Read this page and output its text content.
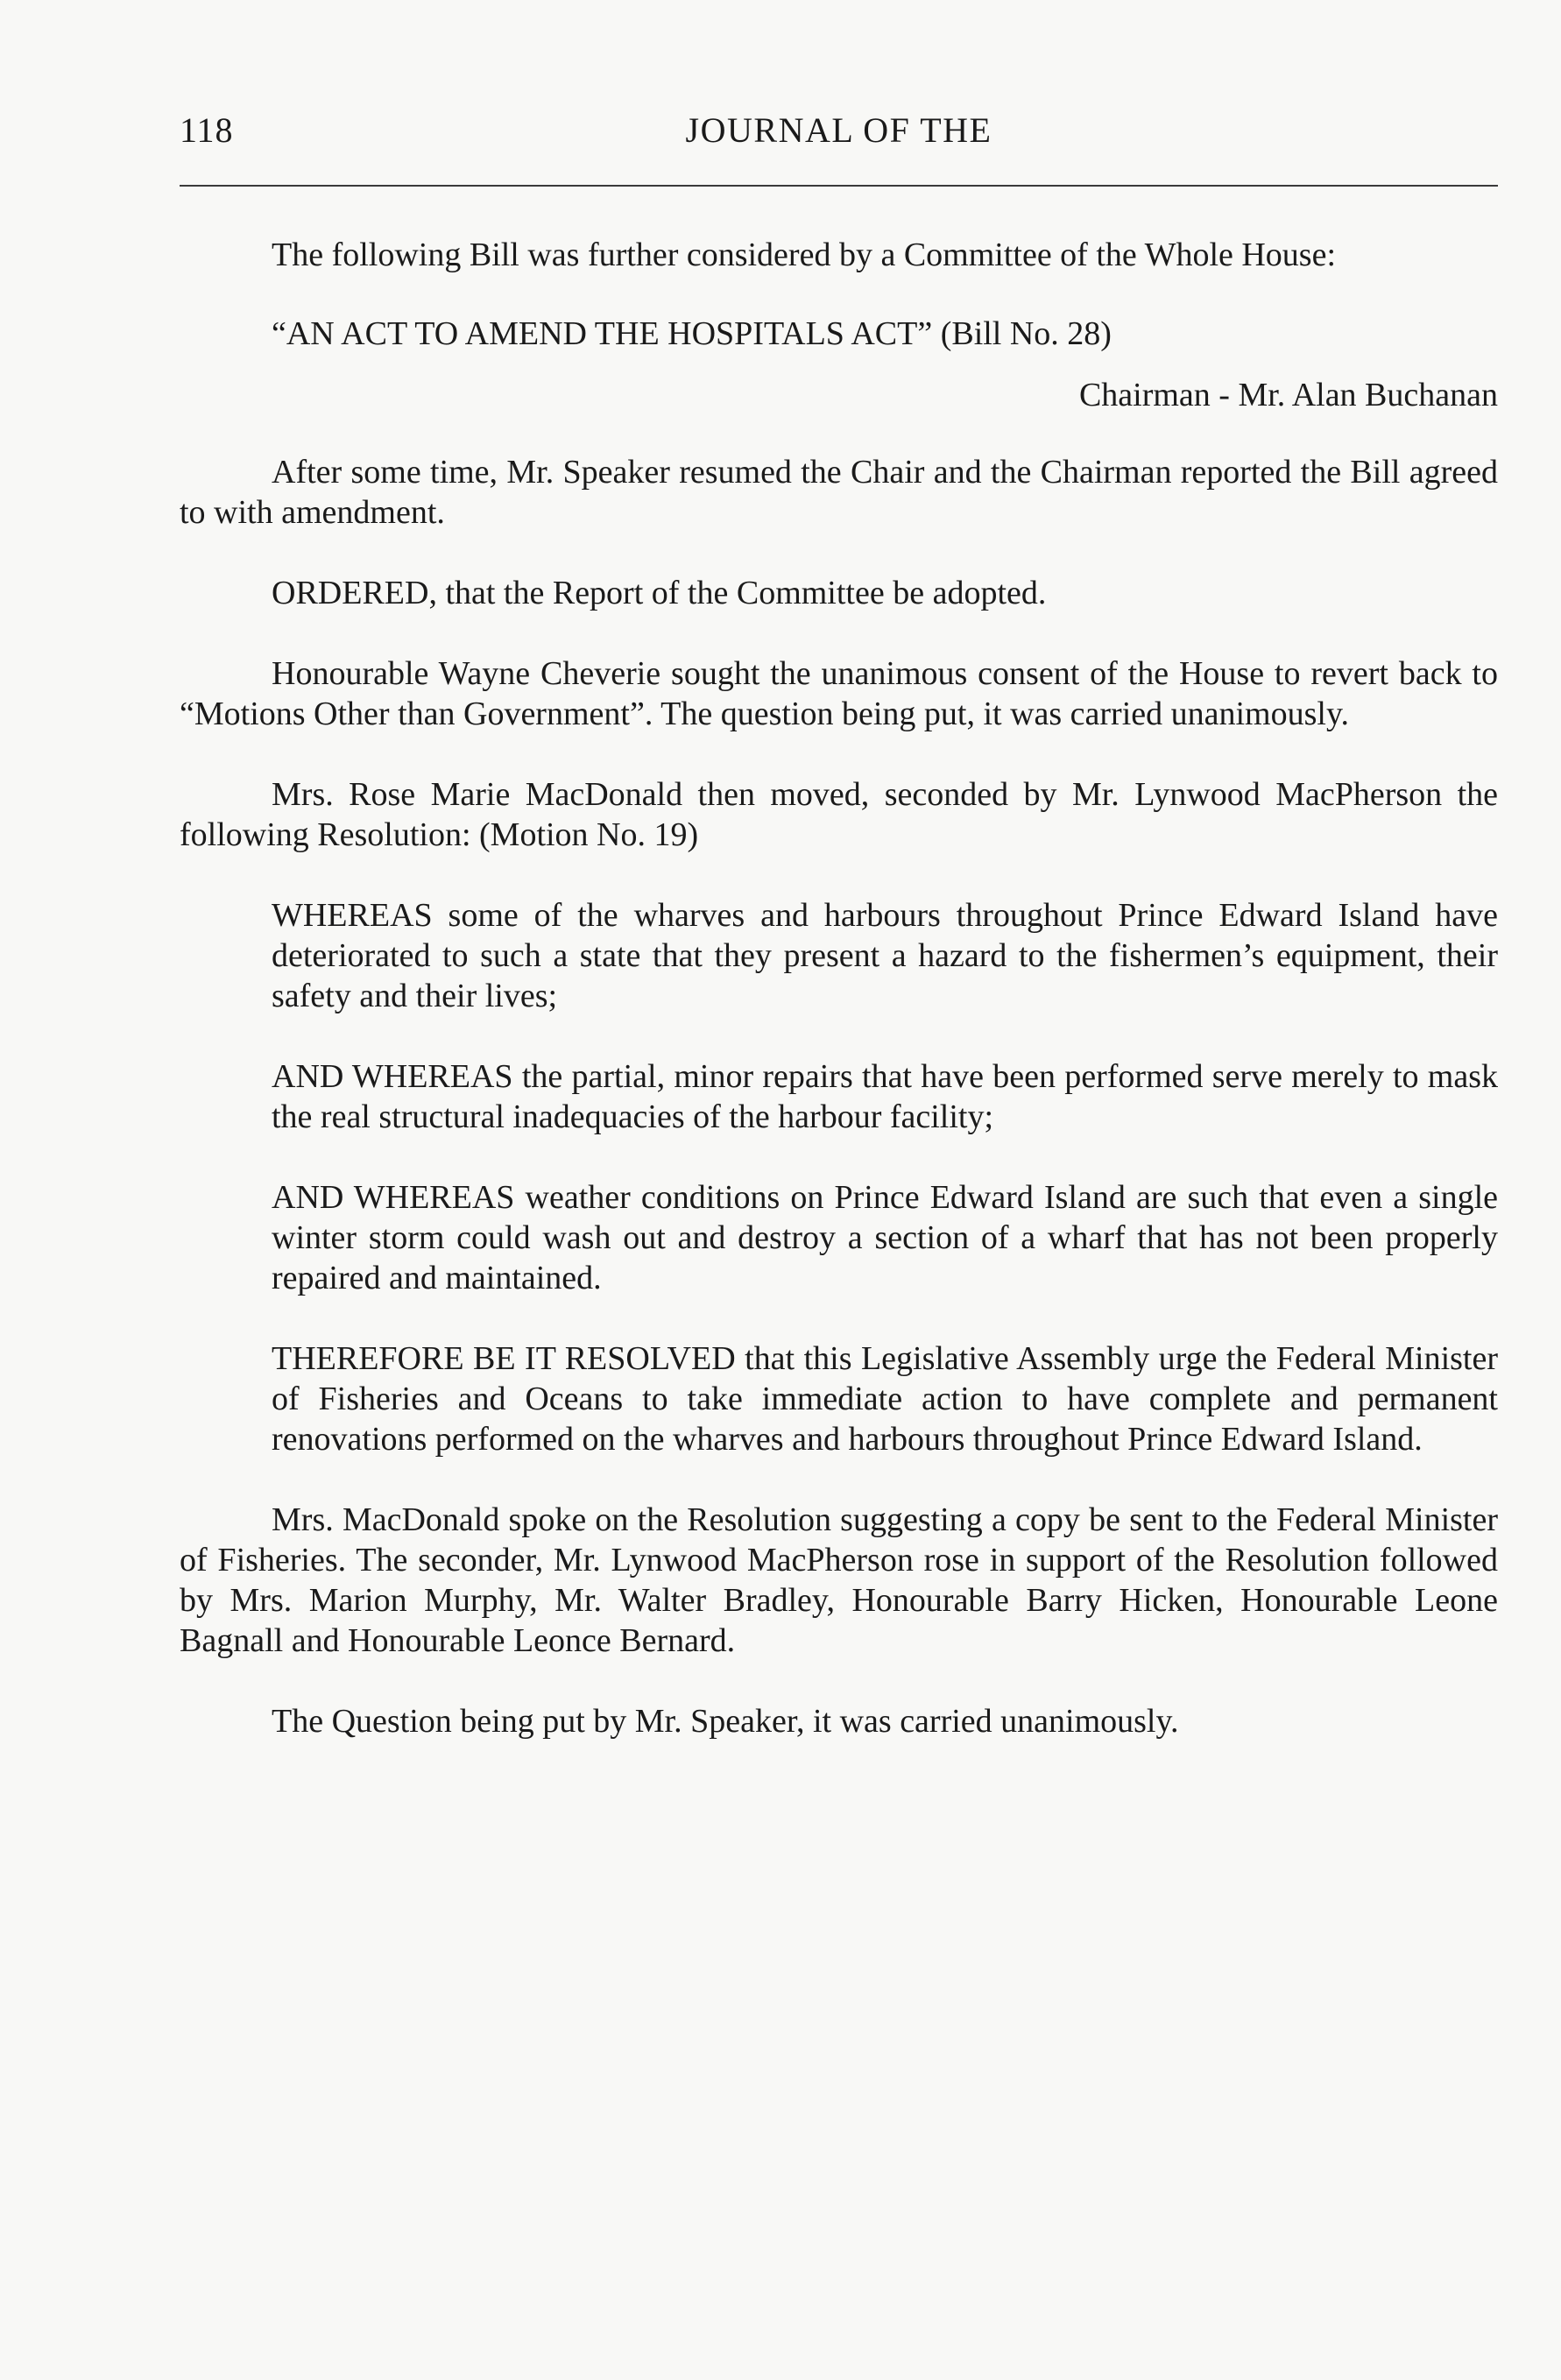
118	JOURNAL OF THE

The following Bill was further considered by a Committee of the Whole House:

“AN ACT TO AMEND THE HOSPITALS ACT” (Bill No. 28)

Chairman - Mr. Alan Buchanan

After some time, Mr. Speaker resumed the Chair and the Chairman reported the Bill agreed to with amendment.

ORDERED, that the Report of the Committee be adopted.

Honourable Wayne Cheverie sought the unanimous consent of the House to revert back to “Motions Other than Government”. The question being put, it was carried unanimously.

Mrs. Rose Marie MacDonald then moved, seconded by Mr. Lynwood MacPherson the following Resolution: (Motion No. 19)

WHEREAS some of the wharves and harbours throughout Prince Edward Island have deteriorated to such a state that they present a hazard to the fishermen’s equipment, their safety and their lives;

AND WHEREAS the partial, minor repairs that have been performed serve merely to mask the real structural inadequacies of the harbour facility;

AND WHEREAS weather conditions on Prince Edward Island are such that even a single winter storm could wash out and destroy a section of a wharf that has not been properly repaired and maintained.

THEREFORE BE IT RESOLVED that this Legislative Assembly urge the Federal Minister of Fisheries and Oceans to take immediate action to have complete and permanent renovations performed on the wharves and harbours throughout Prince Edward Island.

Mrs. MacDonald spoke on the Resolution suggesting a copy be sent to the Federal Minister of Fisheries. The seconder, Mr. Lynwood MacPherson rose in support of the Resolution followed by Mrs. Marion Murphy, Mr. Walter Bradley, Honourable Barry Hicken, Honourable Leone Bagnall and Honourable Leonce Bernard.

The Question being put by Mr. Speaker, it was carried unanimously.
